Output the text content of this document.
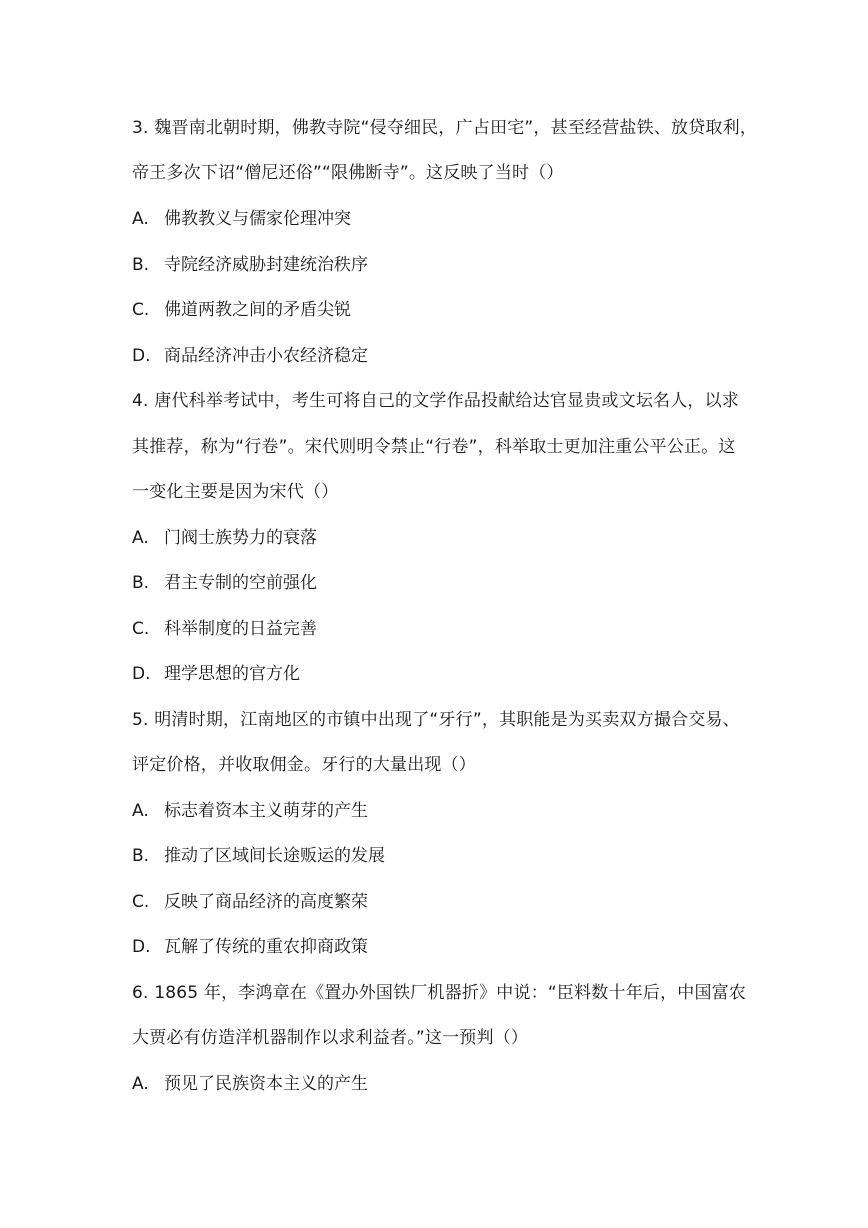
3. 魏晋南北朝时期，佛教寺院“侵夺细民，广占田宅”，甚至经营盐铁、放贷取利，
帝王多次下诏“僧尼还俗”“限佛断寺”。这反映了当时（）
A. 佛教教义与儒家伦理冲突
B. 寺院经济威胁封建统治秩序
C. 佛道两教之间的矛盾尖锐
D. 商品经济冲击小农经济稳定
4. 唐代科举考试中，考生可将自己的文学作品投献给达官显贵或文坛名人，以求
其推荐，称为“行卷”。宋代则明令禁止“行卷”，科举取士更加注重公平公正。这
一变化主要是因为宋代（）
A. 门阀士族势力的衰落
B. 君主专制的空前强化
C. 科举制度的日益完善
D. 理学思想的官方化
5. 明清时期，江南地区的市镇中出现了“牙行”，其职能是为买卖双方撮合交易、
评定价格，并收取佣金。牙行的大量出现（）
A. 标志着资本主义萌芽的产生
B. 推动了区域间长途贩运的发展
C. 反映了商品经济的高度繁荣
D. 瓦解了传统的重农抑商政策
6. 1865 年，李鸿章在《置办外国铁厂机器折》中说：“臣料数十年后，中国富农
大贾必有仿造洋机器制作以求利益者。”这一预判（）
A. 预见了民族资本主义的产生
